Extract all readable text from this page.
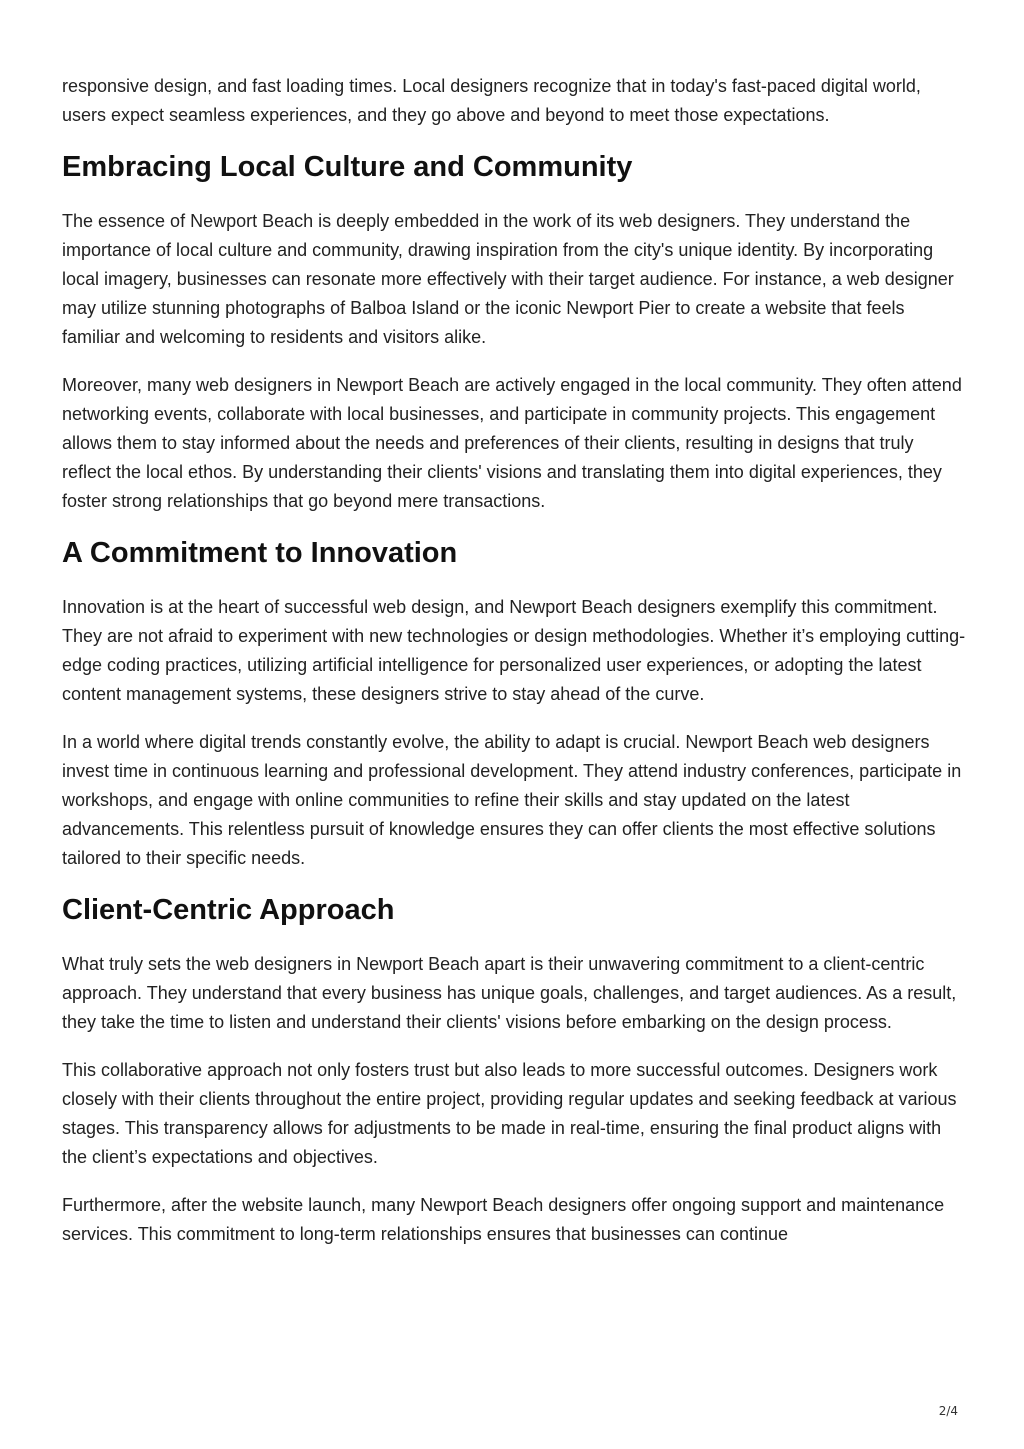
responsive design, and fast loading times. Local designers recognize that in today's fast-paced digital world, users expect seamless experiences, and they go above and beyond to meet those expectations.

Embracing Local Culture and Community

The essence of Newport Beach is deeply embedded in the work of its web designers. They understand the importance of local culture and community, drawing inspiration from the city's unique identity. By incorporating local imagery, businesses can resonate more effectively with their target audience. For instance, a web designer may utilize stunning photographs of Balboa Island or the iconic Newport Pier to create a website that feels familiar and welcoming to residents and visitors alike.

Moreover, many web designers in Newport Beach are actively engaged in the local community. They often attend networking events, collaborate with local businesses, and participate in community projects. This engagement allows them to stay informed about the needs and preferences of their clients, resulting in designs that truly reflect the local ethos. By understanding their clients' visions and translating them into digital experiences, they foster strong relationships that go beyond mere transactions.

A Commitment to Innovation

Innovation is at the heart of successful web design, and Newport Beach designers exemplify this commitment. They are not afraid to experiment with new technologies or design methodologies. Whether it’s employing cutting-edge coding practices, utilizing artificial intelligence for personalized user experiences, or adopting the latest content management systems, these designers strive to stay ahead of the curve.

In a world where digital trends constantly evolve, the ability to adapt is crucial. Newport Beach web designers invest time in continuous learning and professional development. They attend industry conferences, participate in workshops, and engage with online communities to refine their skills and stay updated on the latest advancements. This relentless pursuit of knowledge ensures they can offer clients the most effective solutions tailored to their specific needs.

Client-Centric Approach

What truly sets the web designers in Newport Beach apart is their unwavering commitment to a client-centric approach. They understand that every business has unique goals, challenges, and target audiences. As a result, they take the time to listen and understand their clients' visions before embarking on the design process.

This collaborative approach not only fosters trust but also leads to more successful outcomes. Designers work closely with their clients throughout the entire project, providing regular updates and seeking feedback at various stages. This transparency allows for adjustments to be made in real-time, ensuring the final product aligns with the client’s expectations and objectives.

Furthermore, after the website launch, many Newport Beach designers offer ongoing support and maintenance services. This commitment to long-term relationships ensures that businesses can continue

2/4
